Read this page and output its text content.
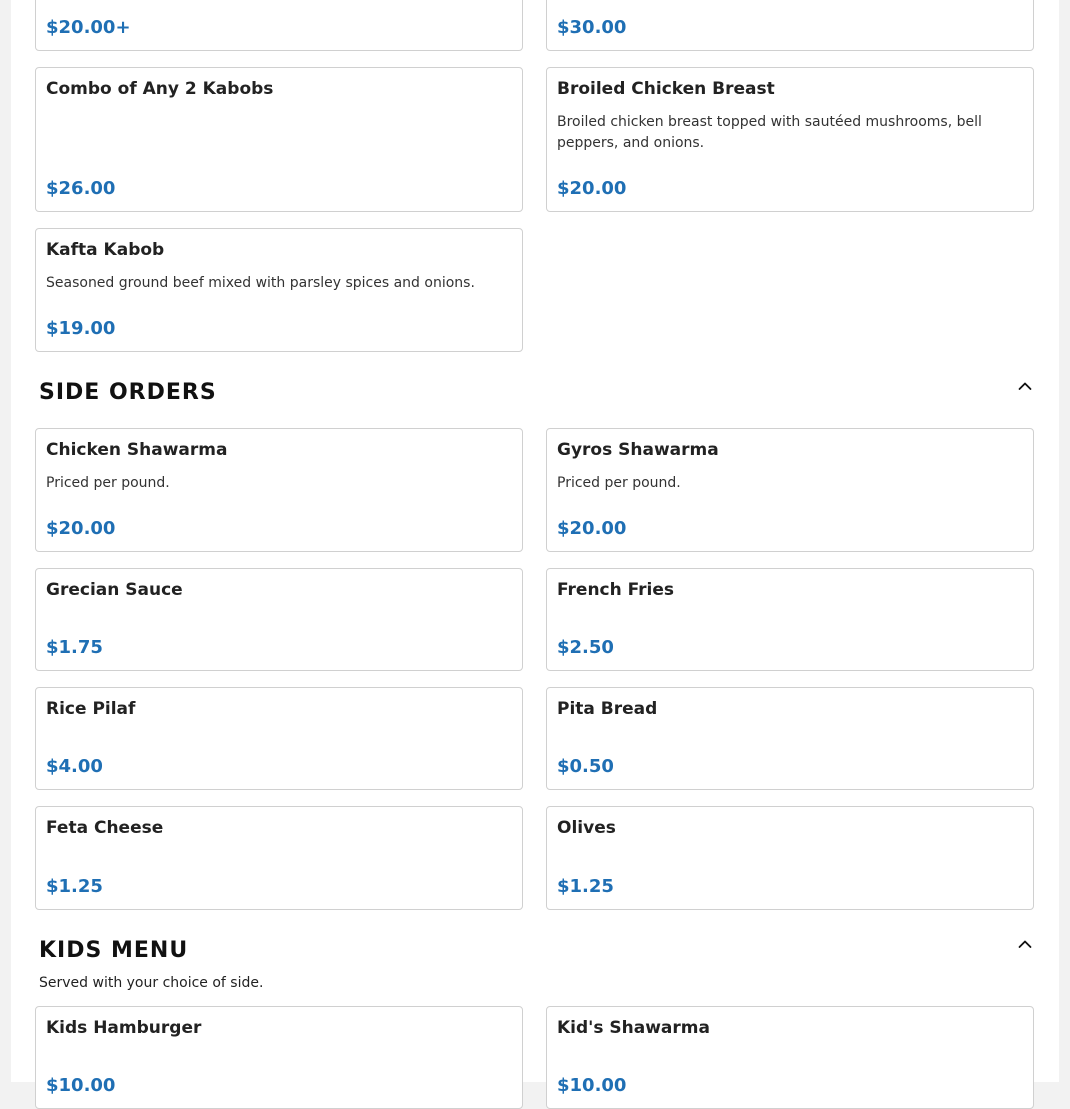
$20.00+	$30.00
Combo of Any 2 Kabobs
$26.00
Broiled Chicken Breast
Broiled chicken breast topped with sautéed mushrooms, bell peppers, and onions.
$20.00
Kafta Kabob
Seasoned ground beef mixed with parsley spices and onions.
$19.00
SIDE ORDERS
Chicken Shawarma
Priced per pound.
$20.00
Gyros Shawarma
Priced per pound.
$20.00
Grecian Sauce
$1.75
French Fries
$2.50
Rice Pilaf
$4.00
Pita Bread
$0.50
Feta Cheese
$1.25
Olives
$1.25
KIDS MENU
Served with your choice of side.
Kids Hamburger
$10.00
Kid's Shawarma
$10.00
